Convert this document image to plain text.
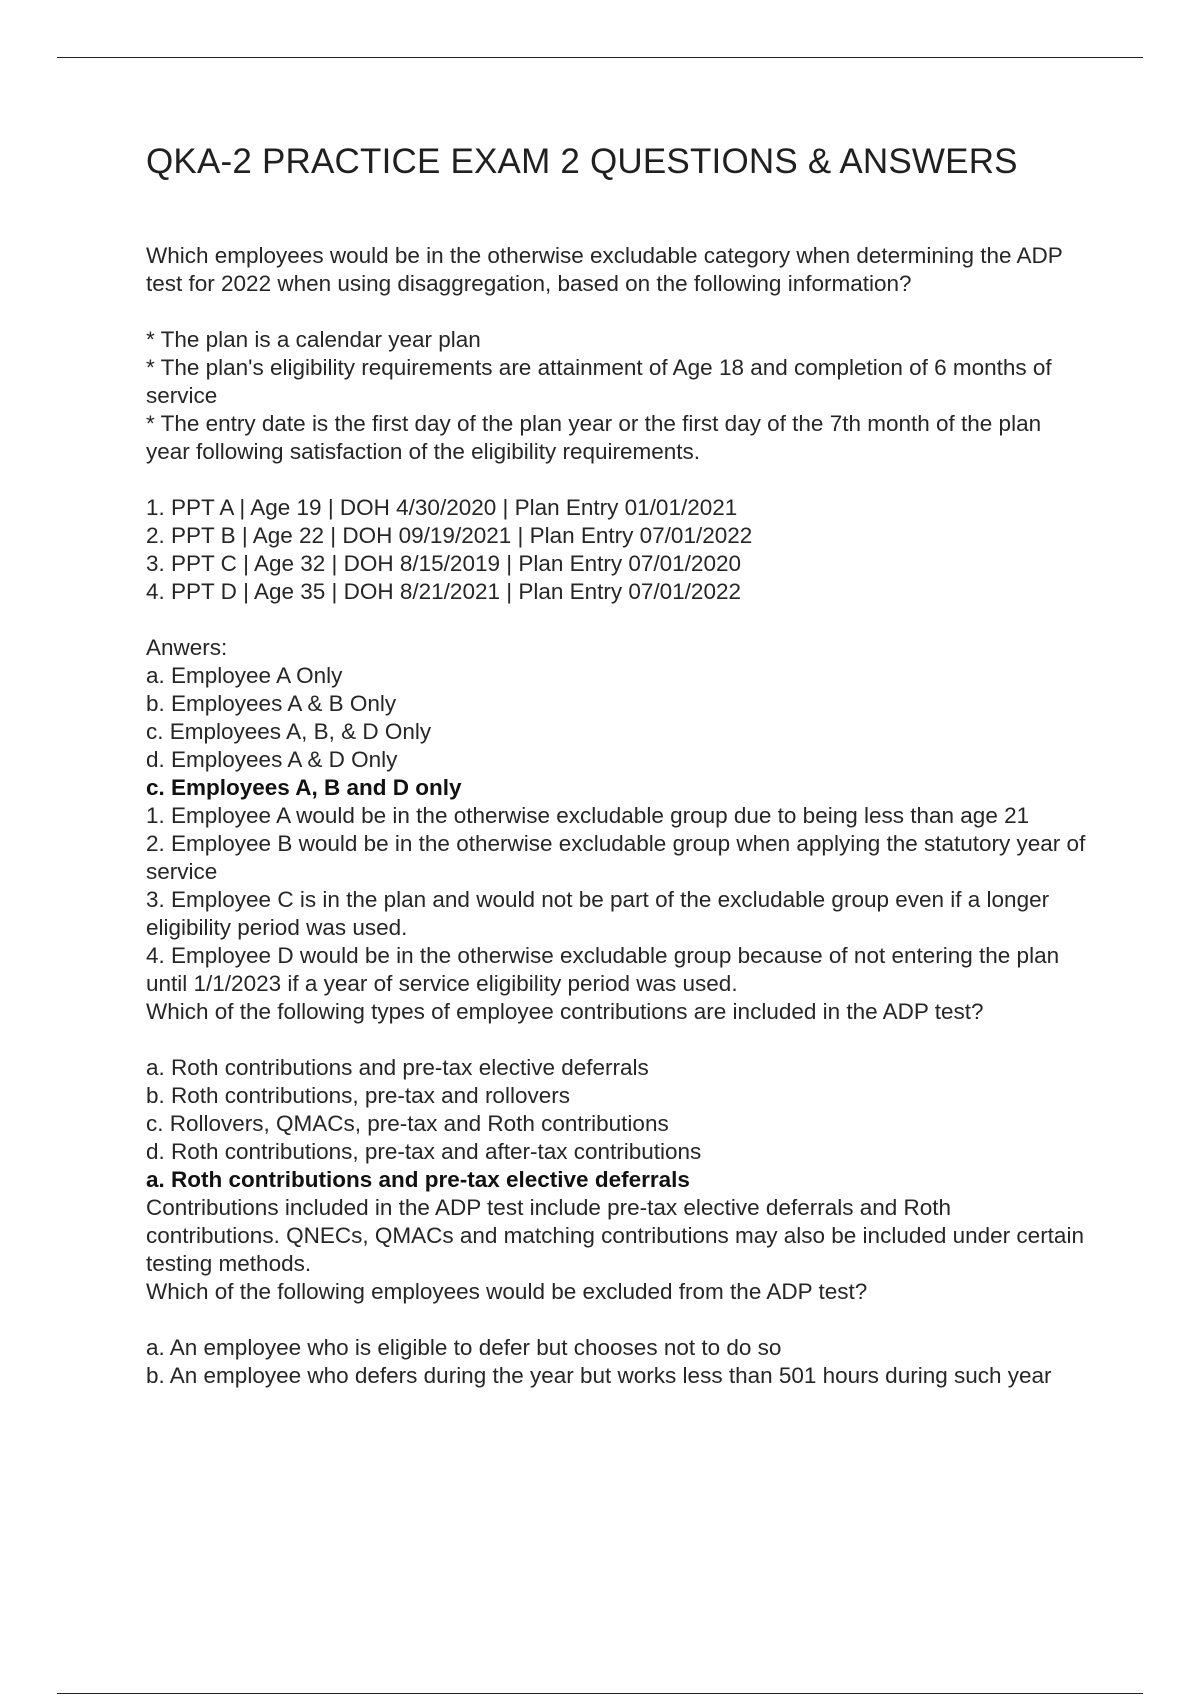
QKA-2 PRACTICE EXAM 2 QUESTIONS & ANSWERS

Which employees would be in the otherwise excludable category when determining the ADP test for 2022 when using disaggregation, based on the following information?

* The plan is a calendar year plan

* The plan's eligibility requirements are attainment of Age 18 and completion of 6 months of service

* The entry date is the first day of the plan year or the first day of the 7th month of the plan year following satisfaction of the eligibility requirements.

1. PPT A | Age 19 | DOH 4/30/2020 | Plan Entry 01/01/2021

2. PPT B | Age 22 | DOH 09/19/2021 | Plan Entry 07/01/2022

3. PPT C | Age 32 | DOH 8/15/2019 | Plan Entry 07/01/2020

4. PPT D | Age 35 | DOH 8/21/2021 | Plan Entry 07/01/2022

Anwers:

a. Employee A Only

b. Employees A & B Only

c. Employees A, B, & D Only

d. Employees A & D Only

c. Employees A, B and D only

1. Employee A would be in the otherwise excludable group due to being less than age 21

2. Employee B would be in the otherwise excludable group when applying the statutory year of service

3. Employee C is in the plan and would not be part of the excludable group even if a longer eligibility period was used.

4. Employee D would be in the otherwise excludable group because of not entering the plan until 1/1/2023 if a year of service eligibility period was used.

Which of the following types of employee contributions are included in the ADP test?

a. Roth contributions and pre-tax elective deferrals

b. Roth contributions, pre-tax and rollovers

c. Rollovers, QMACs, pre-tax and Roth contributions

d. Roth contributions, pre-tax and after-tax contributions

a. Roth contributions and pre-tax elective deferrals

Contributions included in the ADP test include pre-tax elective deferrals and Roth contributions. QNECs, QMACs and matching contributions may also be included under certain testing methods.

Which of the following employees would be excluded from the ADP test?

a. An employee who is eligible to defer but chooses not to do so

b. An employee who defers during the year but works less than 501 hours during such year
